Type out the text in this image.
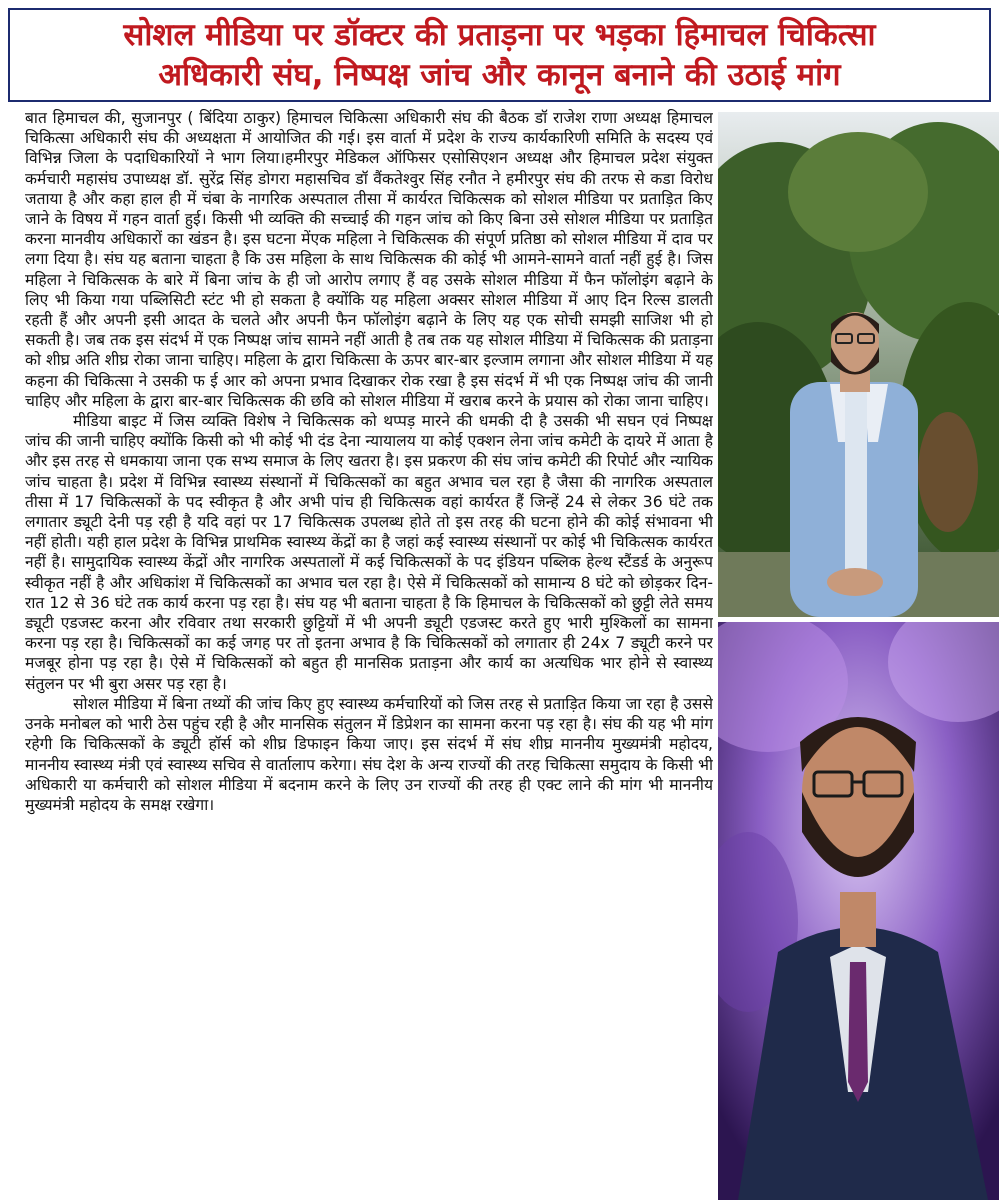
सोशल मीडिया पर डॉक्टर की प्रताड़ना पर भड़का हिमाचल चिकित्सा
अधिकारी संघ, निष्पक्ष जांच और कानून बनाने की उठाई मांग

बात हिमाचल की, सुजानपुर ( बिंदिया ठाकुर) हिमाचल चिकित्सा अधिकारी संघ की बैठक डॉ राजेश राणा अध्यक्ष हिमाचल चिकित्सा अधिकारी संघ की अध्यक्षता में आयोजित की गई। इस वार्ता में प्रदेश के राज्य कार्यकारिणी समिति के सदस्य एवं विभिन्न जिला के पदाधिकारियों ने भाग लिया।हमीरपुर मेडिकल ऑफिसर एसोसिएशन अध्यक्ष और हिमाचल प्रदेश संयुक्त कर्मचारी महासंघ उपाध्यक्ष डॉ. सुरेंद्र सिंह डोगरा महासचिव डॉ वैंकतेश्वुर सिंह रनौत ने हमीरपुर संघ की तरफ से कडा विरोध जताया है और कहा हाल ही में चंबा के नागरिक अस्पताल तीसा में कार्यरत चिकित्सक को सोशल मीडिया पर प्रताड़ित किए जाने के विषय में गहन वार्ता हुई। किसी भी व्यक्ति की सच्चाई की गहन जांच को किए बिना उसे सोशल मीडिया पर प्रताड़ित करना मानवीय अधिकारों का खंडन है। इस घटना मेंएक महिला ने चिकित्सक की संपूर्ण प्रतिष्ठा को सोशल मीडिया में दाव पर लगा दिया है। संघ यह बताना चाहता है कि उस महिला के साथ चिकित्सक की कोई भी आमने-सामने वार्ता नहीं हुई है। जिस महिला ने चिकित्सक के बारे में बिना जांच के ही जो आरोप लगाए हैं वह उसके सोशल मीडिया में फैन फॉलोइंग बढ़ाने के लिए भी किया गया पब्लिसिटी स्टंट भी हो सकता है क्योंकि यह महिला अक्सर सोशल मीडिया में आए दिन रिल्स डालती रहती हैं और अपनी इसी आदत के चलते और अपनी फैन फॉलोइंग बढ़ाने के लिए यह एक सोची समझी साजिश भी हो सकती है। जब तक इस संदर्भ में एक निष्पक्ष जांच सामने नहीं आती है तब तक यह सोशल मीडिया में चिकित्सक की प्रताड़ना को शीघ्र अति शीघ्र रोका जाना चाहिए। महिला के द्वारा चिकित्सा के ऊपर बार-बार इल्जाम लगाना और सोशल मीडिया में यह कहना की चिकित्सा ने उसकी फ ई आर को अपना प्रभाव दिखाकर रोक रखा है इस संदर्भ में भी एक निष्पक्ष जांच की जानी चाहिए और महिला के द्वारा बार-बार चिकित्सक की छवि को सोशल मीडिया में खराब करने के प्रयास को रोका जाना चाहिए।

मीडिया बाइट में जिस व्यक्ति विशेष ने चिकित्सक को थप्पड़ मारने की धमकी दी है उसकी भी सघन एवं निष्पक्ष जांच की जानी चाहिए क्योंकि किसी को भी कोई भी दंड देना न्यायालय या कोई एक्शन लेना जांच कमेटी के दायरे में आता है और इस तरह से धमकाया जाना एक सभ्य समाज के लिए खतरा है। इस प्रकरण की संघ जांच कमेटी की रिपोर्ट और न्यायिक जांच चाहता है। प्रदेश में विभिन्न स्वास्थ्य संस्थानों में चिकित्सकों का बहुत अभाव चल रहा है जैसा की नागरिक अस्पताल तीसा में 17 चिकित्सकों के पद स्वीकृत है और अभी पांच ही चिकित्सक वहां कार्यरत हैं जिन्हें 24 से लेकर 36 घंटे तक लगातार ड्यूटी देनी पड़ रही है यदि वहां पर 17 चिकित्सक उपलब्ध होते तो इस तरह की घटना होने की कोई संभावना भी नहीं होती। यही हाल प्रदेश के विभिन्न प्राथमिक स्वास्थ्य केंद्रों का है जहां कई स्वास्थ्य संस्थानों पर कोई भी चिकित्सक कार्यरत नहीं है। सामुदायिक स्वास्थ्य केंद्रों और नागरिक अस्पतालों में कई चिकित्सकों के पद इंडियन पब्लिक हेल्थ स्टैंडर्ड के अनुरूप स्वीकृत नहीं है और अधिकांश में चिकित्सकों का अभाव चल रहा है। ऐसे में चिकित्सकों को सामान्य 8 घंटे को छोड़कर दिन-रात 12 से 36 घंटे तक कार्य करना पड़ रहा है। संघ यह भी बताना चाहता है कि हिमाचल के चिकित्सकों को छुट्टी लेते समय ड्यूटी एडजस्ट करना और रविवार तथा सरकारी छुट्टियों में भी अपनी ड्यूटी एडजस्ट करते हुए भारी मुश्किलों का सामना करना पड़ रहा है। चिकित्सकों का कई जगह पर तो इतना अभाव है कि चिकित्सकों को लगातार ही 24x 7 ड्यूटी करने पर मजबूर होना पड़ रहा है। ऐसे में चिकित्सकों को बहुत ही मानसिक प्रताड़ना और कार्य का अत्यधिक भार होने से स्वास्थ्य संतुलन पर भी बुरा असर पड़ रहा है।

सोशल मीडिया में बिना तथ्यों की जांच किए हुए स्वास्थ्य कर्मचारियों को जिस तरह से प्रताड़ित किया जा रहा है उससे उनके मनोबल को भारी ठेस पहुंच रही है और मानसिक संतुलन में डिप्रेशन का सामना करना पड़ रहा है। संघ की यह भी मांग रहेगी कि चिकित्सकों के ड्यूटी हॉर्स को शीघ्र डिफाइन किया जाए। इस संदर्भ में संघ शीघ्र माननीय मुख्यमंत्री महोदय, माननीय स्वास्थ्य मंत्री एवं स्वास्थ्य सचिव से वार्तालाप करेगा। संघ देश के अन्य राज्यों की तरह चिकित्सा समुदाय के किसी भी अधिकारी या कर्मचारी को सोशल मीडिया में बदनाम करने के लिए उन राज्यों की तरह ही एक्ट लाने की मांग भी माननीय मुख्यमंत्री महोदय के समक्ष रखेगा।
